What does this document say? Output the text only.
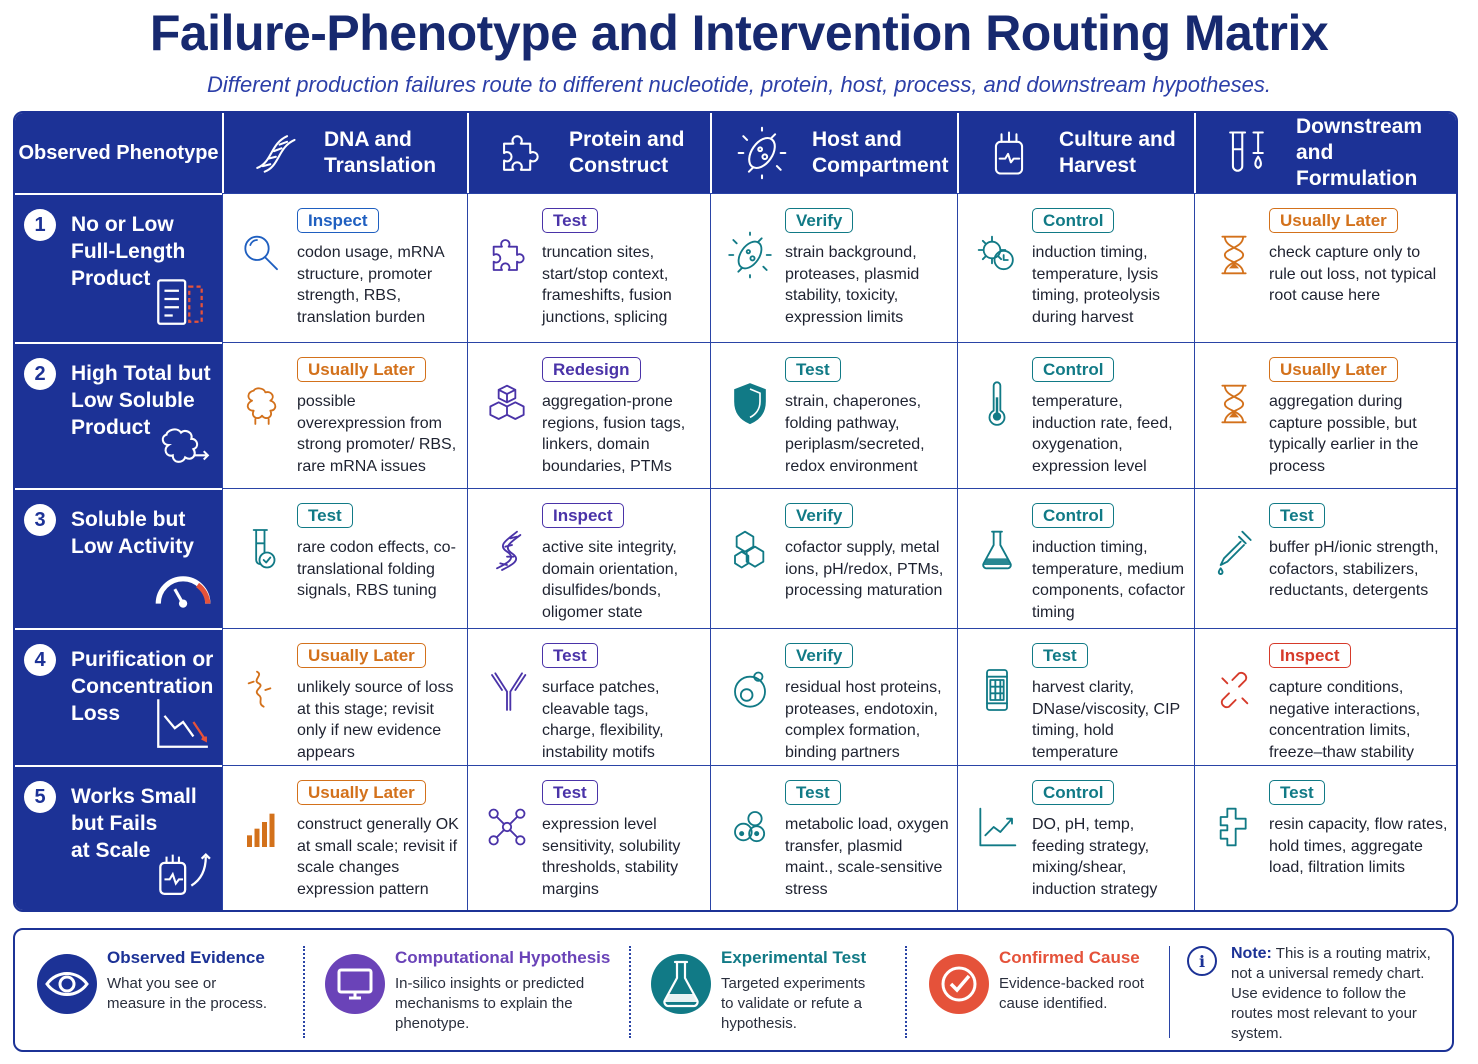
Failure-Phenotype and Intervention Routing Matrix
Different production failures route to different nucleotide, protein, host, process, and downstream hypotheses.
Observed Phenotype
DNA and Translation
Protein and Construct
Host and Compartment
Culture and Harvest
Downstream and Formulation
1	No or Low
Full-Length
Product
Inspect
codon usage, mRNA structure, promoter strength, RBS, translation burden
Test
truncation sites, start/stop context, frameshifts, fusion junctions, splicing
Verify
strain background, proteases, plasmid stability, toxicity, expression limits
Control
induction timing, temperature, lysis timing, proteolysis during harvest
Usually Later
check capture only to rule out loss, not typical root cause here
2	High Total but
Low Soluble
Product
Usually Later
possible overexpression from strong promoter/ RBS, rare mRNA issues
Redesign
aggregation-prone regions, fusion tags, linkers, domain boundaries, PTMs
Test
strain, chaperones, folding pathway, periplasm/secreted, redox environment
Control
temperature, induction rate, feed, oxygenation, expression level
Usually Later
aggregation during capture possible, but typically earlier in the process
3	Soluble but
Low Activity
Test
rare codon effects, co-translational folding signals, RBS tuning
Inspect
active site integrity, domain orientation, disulfides/bonds, oligomer state
Verify
cofactor supply, metal ions, pH/redox, PTMs, processing maturation
Control
induction timing, temperature, medium components, cofactor timing
Test
buffer pH/ionic strength, cofactors, stabilizers, reductants, detergents
4	Purification or
Concentration
Loss
Usually Later
unlikely source of loss at this stage; revisit only if new evidence appears
Test
surface patches, cleavable tags, charge, flexibility, instability motifs
Verify
residual host proteins, proteases, endotoxin, complex formation, binding partners
Test
harvest clarity, DNase/viscosity, CIP timing, hold temperature
Inspect
capture conditions, negative interactions, concentration limits, freeze–thaw stability
5	Works Small
but Fails
at Scale
Usually Later
construct generally OK at small scale; revisit if scale changes expression pattern
Test
expression level sensitivity, solubility thresholds, stability margins
Test
metabolic load, oxygen transfer, plasmid maint., scale-sensitive stress
Control
DO, pH, temp, feeding strategy, mixing/shear, induction strategy
Test
resin capacity, flow rates, hold times, aggregate load, filtration limits
i	Note: This is a routing matrix, not a universal remedy chart. Use evidence to follow the routes most relevant to your system.
Observed Evidence
What you see or measure in the process.
Computational Hypothesis
In-silico insights or predicted mechanisms to explain the phenotype.
Experimental Test
Targeted experiments to validate or refute a hypothesis.
Confirmed Cause
Evidence-backed root cause identified.
